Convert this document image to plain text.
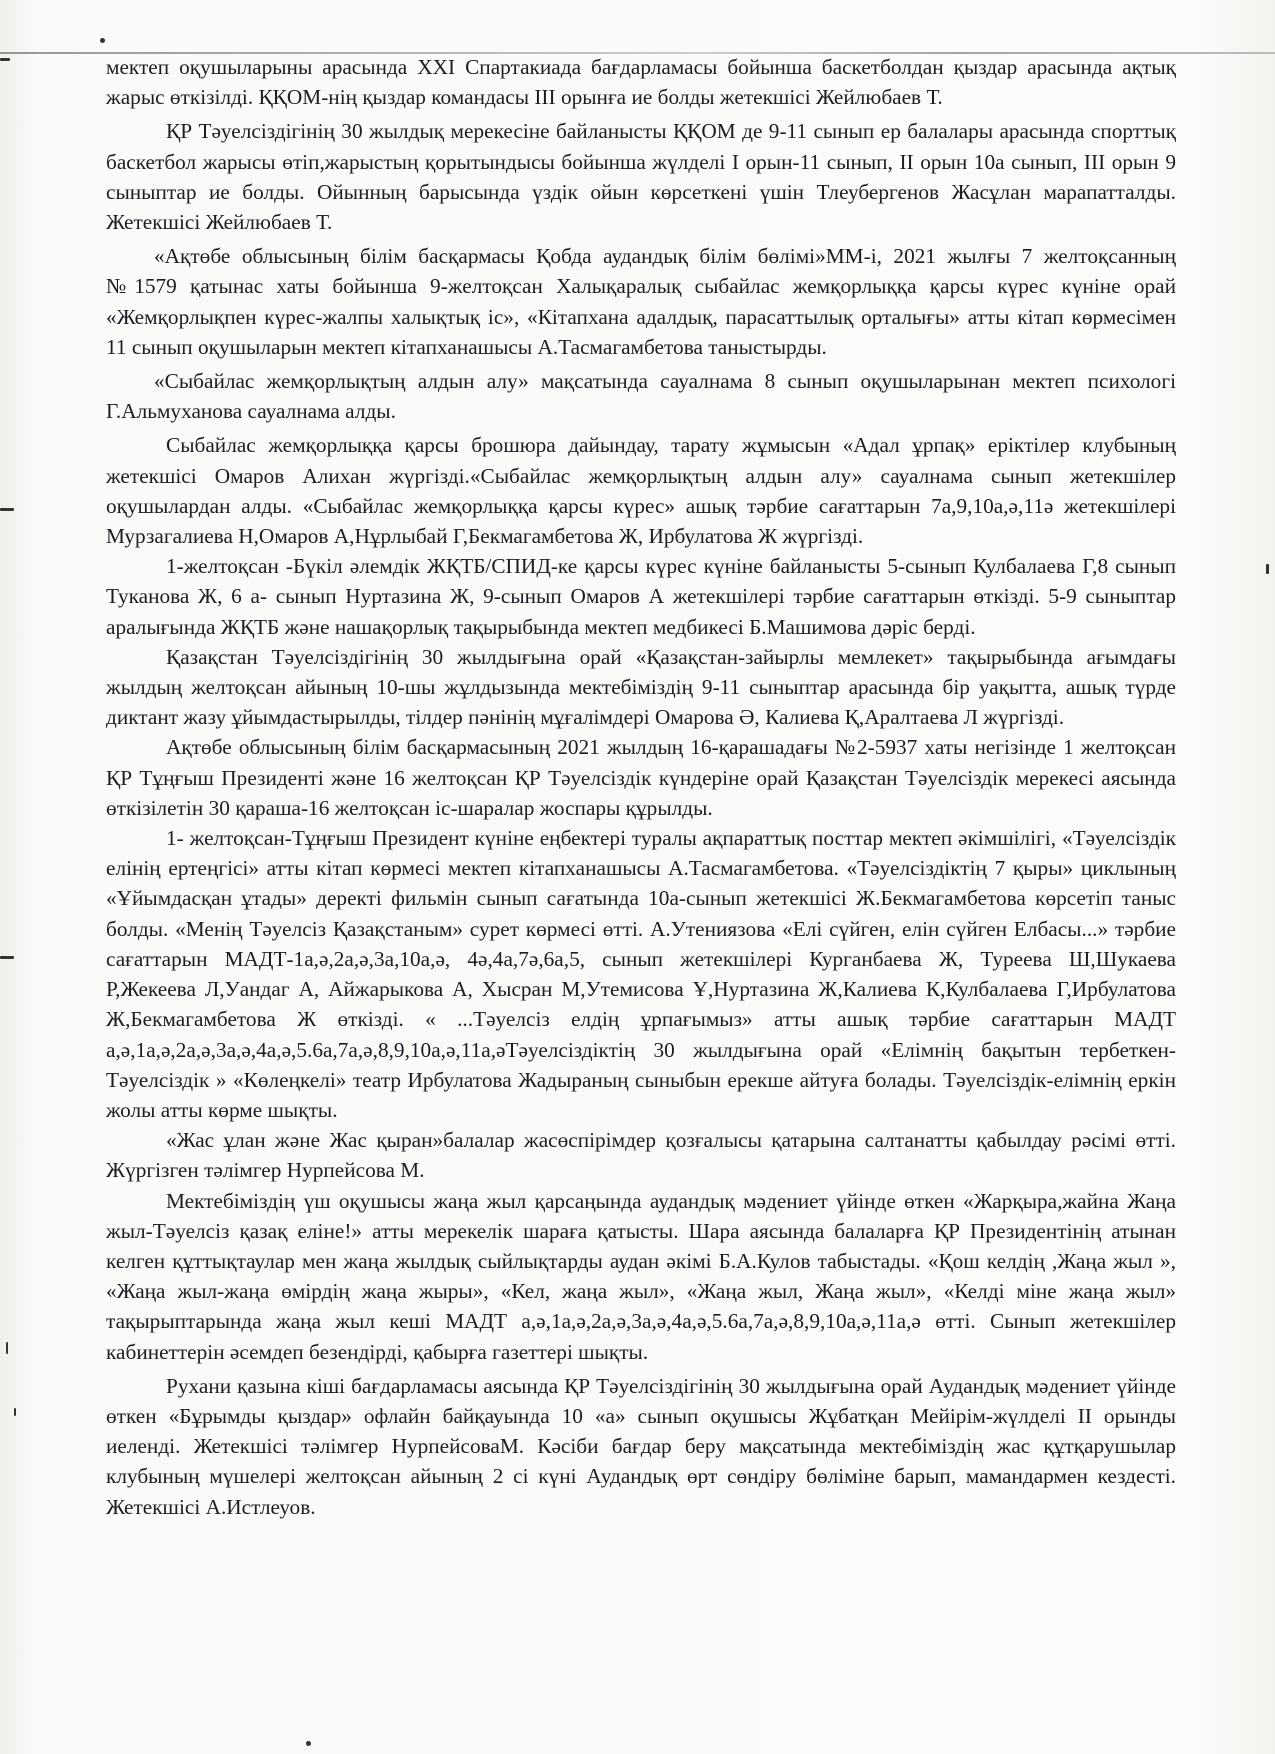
мектеп оқушыларыны арасында XXI Спартакиада бағдарламасы бойынша баскетболдан қыздар арасында ақтық жарыс өткізілді. ҚҚОМ-нің қыздар командасы III орынға ие болды жетекшісі Жейлюбаев Т.

ҚР Тәуелсіздігінің 30 жылдық мерекесіне байланысты ҚҚОМ де 9-11 сынып ер балалары арасында спорттық баскетбол жарысы өтіп,жарыстың қорытындысы бойынша жүлделі I орын-11 сынып, II орын 10а сынып, III орын 9 сыныптар ие болды. Ойынның барысында үздік ойын көрсеткені үшін Тлеубергенов Жасұлан марапатталды. Жетекшісі Жейлюбаев Т.

«Ақтөбе облысының білім басқармасы Қобда аудандық білім бөлімі»ММ-і, 2021 жылғы 7 желтоқсанның №1579 қатынас хаты бойынша 9-желтоқсан Халықаралық сыбайлас жемқорлыққа қарсы күрес күніне орай «Жемқорлықпен күрес-жалпы халықтық іс», «Кітапхана адалдық, парасаттылық орталығы» атты кітап көрмесімен 11 сынып оқушыларын мектеп кітапханашысы А.Тасмагамбетова таныстырды.

«Сыбайлас жемқорлықтың алдын алу» мақсатында сауалнама 8 сынып оқушыларынан мектеп психологі Г.Альмуханова сауалнама алды.

Сыбайлас жемқорлыққа қарсы брошюра дайындау, тарату жұмысын «Адал ұрпақ» еріктілер клубының жетекшісі Омаров Алихан жүргізді.«Сыбайлас жемқорлықтың алдын алу» сауалнама сынып жетекшілер оқушылардан алды. «Сыбайлас жемқорлыққа қарсы күрес» ашық тәрбие сағаттарын 7а,9,10а,ә,11ә жетекшілері Мурзагалиева Н,Омаров А,Нұрлыбай Г,Бекмагамбетова Ж, Ирбулатова Ж жүргізді.

1-желтоқсан -Бүкіл әлемдік ЖҚТБ/СПИД-ке қарсы күрес күніне байланысты 5-сынып Кулбалаева Г,8 сынып Туканова Ж, 6 а- сынып Нуртазина Ж, 9-сынып Омаров А жетекшілері тәрбие сағаттарын өткізді. 5-9 сыныптар аралығында ЖҚТБ және нашақорлық тақырыбында мектеп медбикесі Б.Машимова дәріс берді.

Қазақстан Тәуелсіздігінің 30 жылдығына орай «Қазақстан-зайырлы мемлекет» тақырыбында ағымдағы жылдың желтоқсан айының 10-шы жұлдызында мектебіміздің 9-11 сыныптар арасында бір уақытта, ашық түрде диктант жазу ұйымдастырылды, тілдер пәнінің мұғалімдері Омарова Ә, Калиева Қ,Аралтаева Л жүргізді.

Ақтөбе облысының білім басқармасының 2021 жылдың 16-қарашадағы №2-5937 хаты негізінде 1 желтоқсан ҚР Тұңғыш Президенті және 16 желтоқсан ҚР Тәуелсіздік күндеріне орай Қазақстан Тәуелсіздік мерекесі аясында өткізілетін 30 қараша-16 желтоқсан іс-шаралар жоспары құрылды.

1- желтоқсан-Тұңғыш Президент күніне еңбектері туралы ақпараттық посттар мектеп әкімшілігі, «Тәуелсіздік елінің ертеңгісі» атты кітап көрмесі мектеп кітапханашысы А.Тасмагамбетова. «Тәуелсіздіктің 7 қыры» циклының «Ұйымдасқан ұтады» деректі фильмін сынып сағатында 10а-сынып жетекшісі Ж.Бекмагамбетова көрсетіп таныс болды. «Менің Тәуелсіз Қазақстаным» сурет көрмесі өтті. А.Утениязова «Елі сүйген, елін сүйген Елбасы...» тәрбие сағаттарын МАДТ-1а,ә,2а,ә,3а,10а,ә, 4ә,4а,7ә,6а,5, сынып жетекшілері Курганбаева Ж, Туреева Ш,Шукаева Р,Жекеева Л,Уандаг А, Айжарыкова А, Хысран М,Утемисова Ұ,Нуртазина Ж,Калиева К,Кулбалаева Г,Ирбулатова Ж,Бекмагамбетова Ж өткізді. « ...Тәуелсіз елдің ұрпағымыз» атты ашық тәрбие сағаттарын МАДТ а,ә,1а,ә,2а,ә,3а,ә,4а,ә,5.6а,7а,ә,8,9,10а,ә,11а,әТәуелсіздіктің 30 жылдығына орай «Елімнің бақытын тербеткен-Тәуелсіздік » «Көлеңкелі» театр Ирбулатова Жадыраның сыныбын ерекше айтуға болады. Тәуелсіздік-елімнің еркін жолы атты көрме шықты.

«Жас ұлан және Жас қыран»балалар жасөспірімдер қозғалысы қатарына салтанатты қабылдау рәсімі өтті. Жүргізген тәлімгер Нурпейсова М.

Мектебіміздің үш оқушысы жаңа жыл қарсаңында аудандық мәдениет үйінде өткен «Жарқыра,жайна Жаңа жыл-Тәуелсіз қазақ еліне!» атты мерекелік шараға қатысты. Шара аясында балаларға ҚР Президентінің атынан келген құттықтаулар мен жаңа жылдық сыйлықтарды аудан әкімі Б.А.Кулов табыстады. «Қош келдің ,Жаңа жыл », «Жаңа жыл-жаңа өмірдің жаңа жыры», «Кел, жаңа жыл», «Жаңа жыл, Жаңа жыл», «Келді міне жаңа жыл» тақырыптарында жаңа жыл кеші МАДТ а,ә,1а,ә,2а,ә,3а,ә,4а,ә,5.6а,7а,ә,8,9,10а,ә,11а,ә өтті. Сынып жетекшілер кабинеттерін әсемдеп безендірді, қабырға газеттері шықты.

Рухани қазына кіші бағдарламасы аясында ҚР Тәуелсіздігінің 30 жылдығына орай Аудандық мәдениет үйінде өткен «Бұрымды қыздар» офлайн байқауында 10 «а» сынып оқушысы Жұбатқан Мейірім-жүлделі II орынды иеленді. Жетекшісі тәлімгер НурпейсоваМ. Кәсіби бағдар беру мақсатында мектебіміздің жас құтқарушылар клубының мүшелері желтоқсан айының 2 сі күні Аудандық өрт сөндіру бөліміне барып, мамандармен кездесті. Жетекшісі А.Истлеуов.
